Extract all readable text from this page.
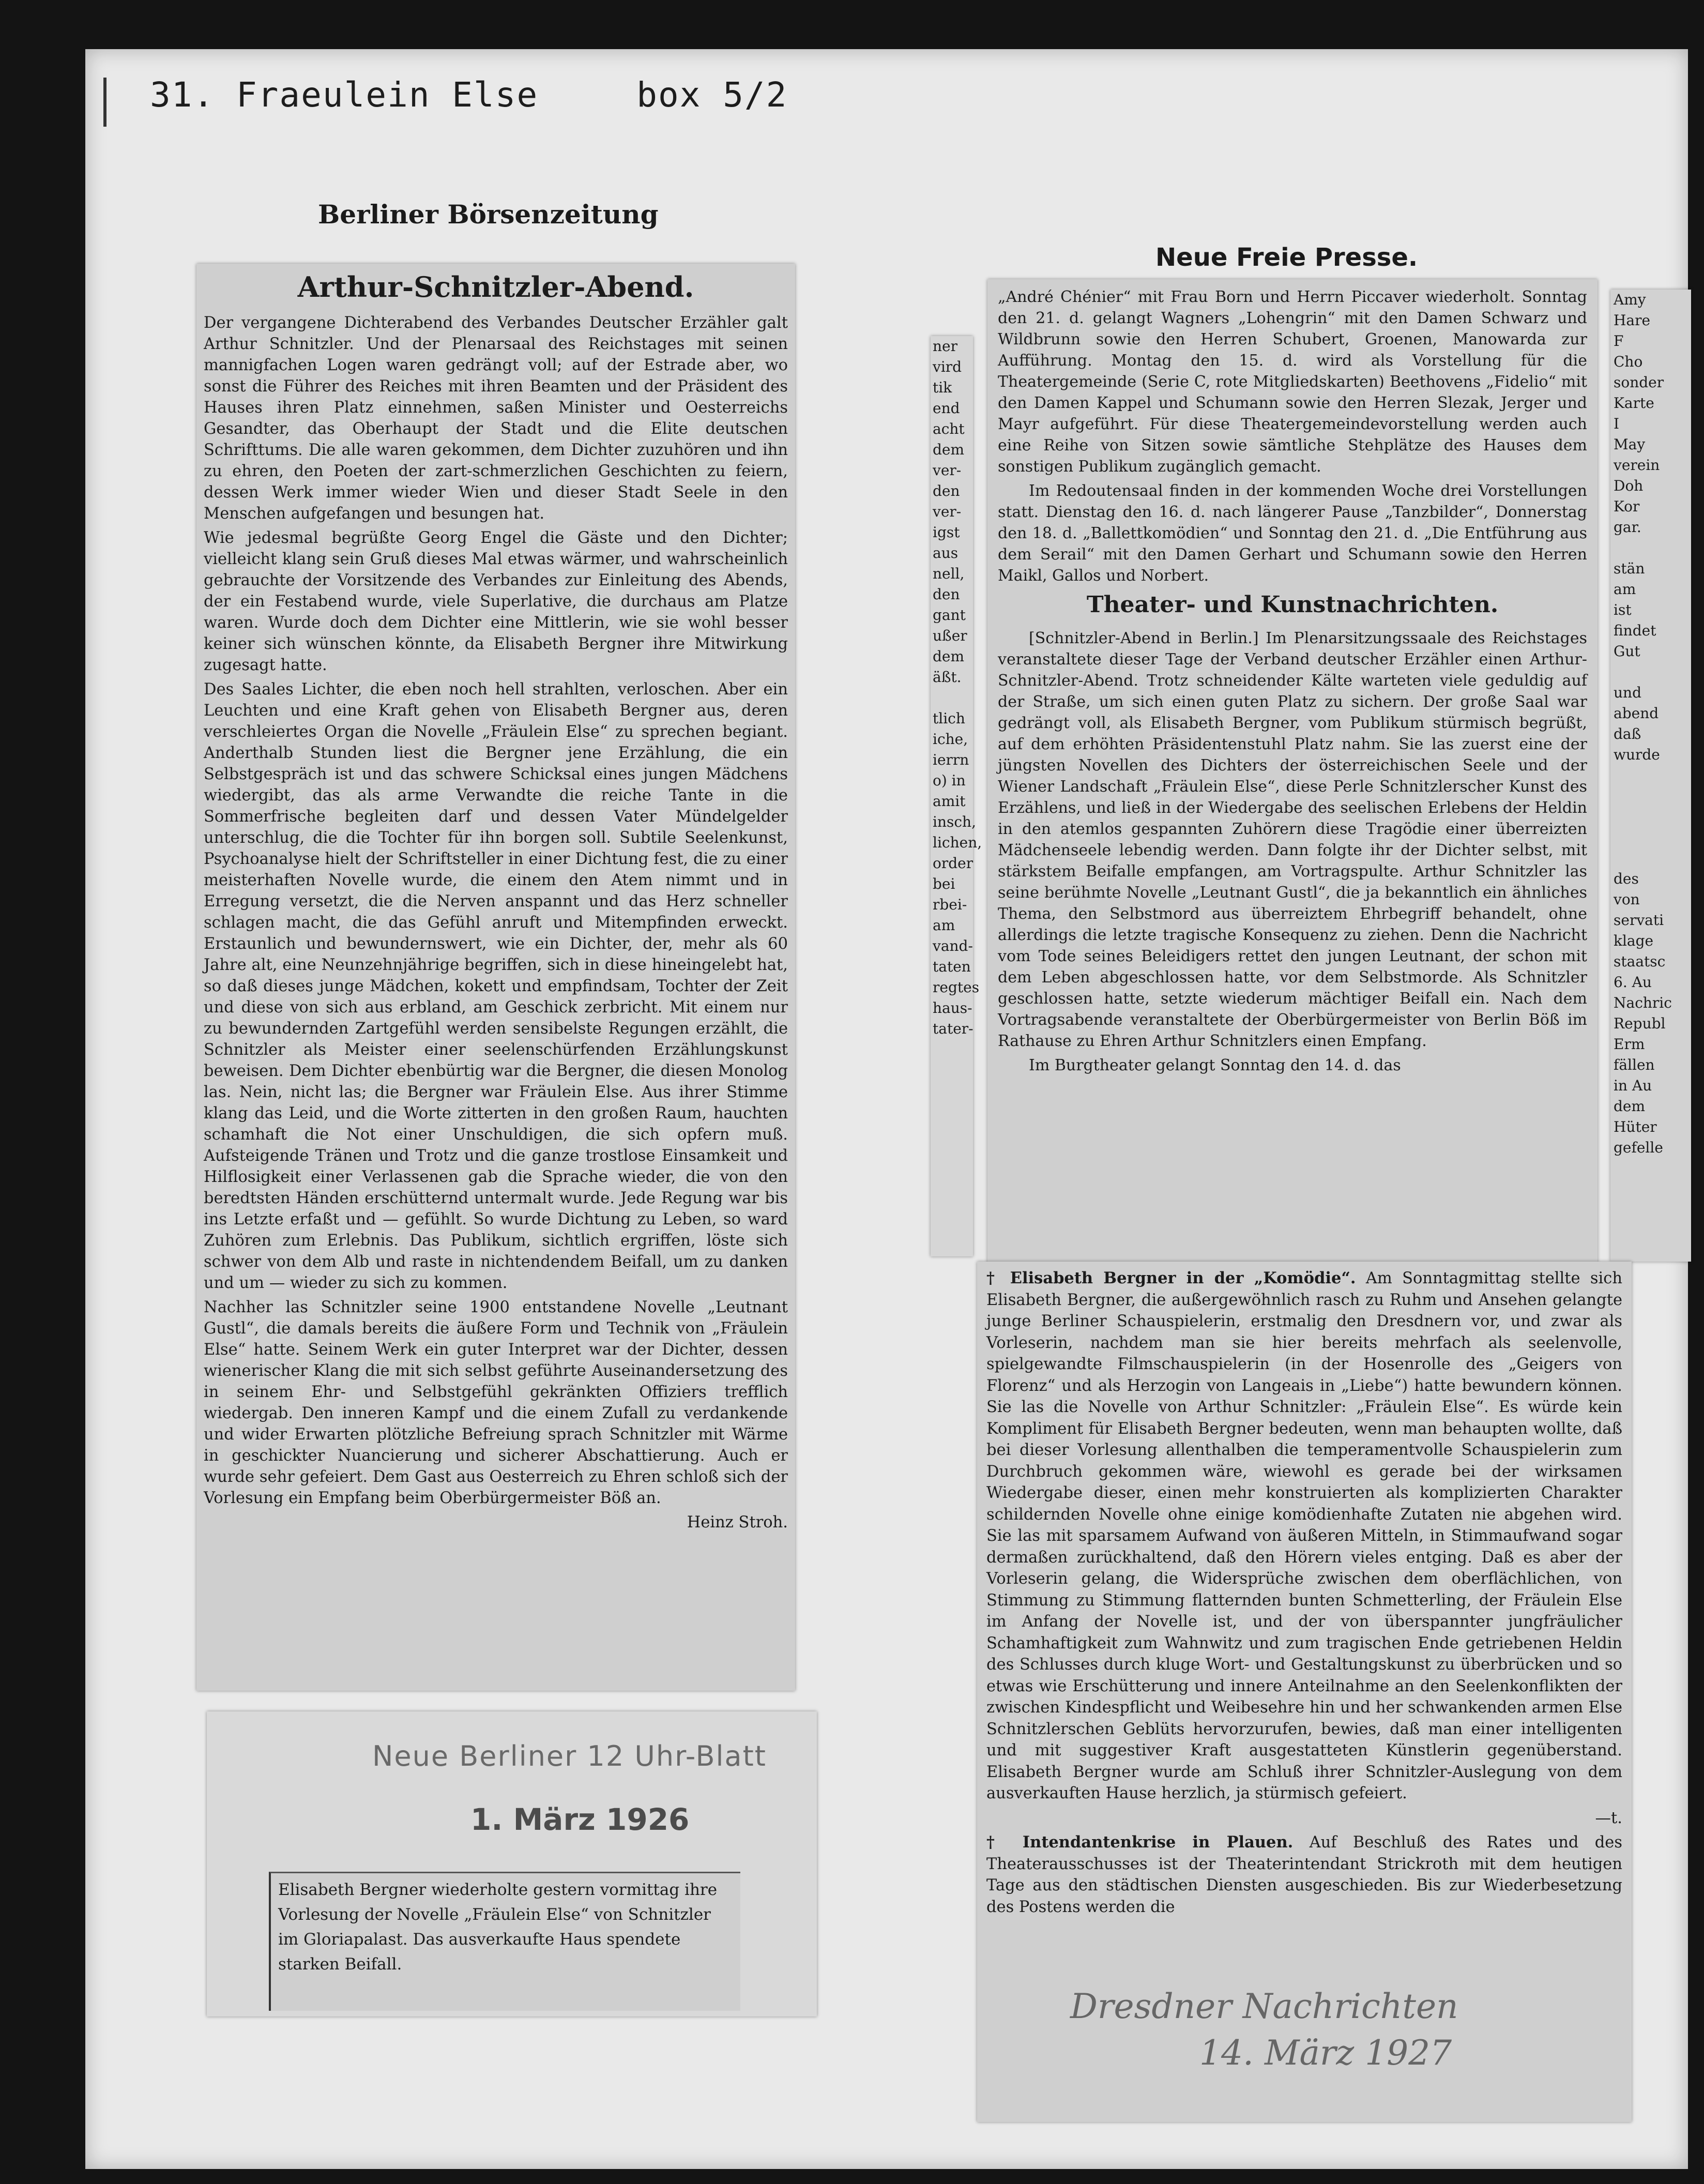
31. Fraeulein Else	box 5/2
Berliner Börsenzeitung

Arthur-Schnitzler-Abend.

Der vergangene Dichterabend des Verbandes Deutscher Erzähler galt Arthur Schnitzler. Und der Plenarsaal des Reichstages mit seinen mannigfachen Logen waren gedrängt voll; auf der Estrade aber, wo sonst die Führer des Reiches mit ihren Beamten und der Präsident des Hauses ihren Platz einnehmen, saßen Minister und Oesterreichs Gesandter, das Oberhaupt der Stadt und die Elite deutschen Schrifttums. Die alle waren gekommen, dem Dichter zuzuhören und ihn zu ehren, den Poeten der zart-schmerzlichen Geschichten zu feiern, dessen Werk immer wieder Wien und dieser Stadt Seele in den Menschen aufgefangen und besungen hat.

Wie jedesmal begrüßte Georg Engel die Gäste und den Dichter; vielleicht klang sein Gruß dieses Mal etwas wärmer, und wahrscheinlich gebrauchte der Vorsitzende des Verbandes zur Einleitung des Abends, der ein Festabend wurde, viele Superlative, die durchaus am Platze waren. Wurde doch dem Dichter eine Mittlerin, wie sie wohl besser keiner sich wünschen könnte, da Elisabeth Bergner ihre Mitwirkung zugesagt hatte.

Des Saales Lichter, die eben noch hell strahlten, verloschen. Aber ein Leuchten und eine Kraft gehen von Elisabeth Bergner aus, deren verschleiertes Organ die Novelle „Fräulein Else“ zu sprechen begiant. Anderthalb Stunden liest die Bergner jene Erzählung, die ein Selbstgespräch ist und das schwere Schicksal eines jungen Mädchens wiedergibt, das als arme Verwandte die reiche Tante in die Sommerfrische begleiten darf und dessen Vater Mündelgelder unterschlug, die die Tochter für ihn borgen soll. Subtile Seelenkunst, Psychoanalyse hielt der Schriftsteller in einer Dichtung fest, die zu einer meisterhaften Novelle wurde, die einem den Atem nimmt und in Erregung versetzt, die die Nerven anspannt und das Herz schneller schlagen macht, die das Gefühl anruft und Mitempfinden erweckt. Erstaunlich und bewundernswert, wie ein Dichter, der, mehr als 60 Jahre alt, eine Neunzehnjährige begriffen, sich in diese hineingelebt hat, so daß dieses junge Mädchen, kokett und empfindsam, Tochter der Zeit und diese von sich aus erbland, am Geschick zerbricht. Mit einem nur zu bewundernden Zartgefühl werden sensibelste Regungen erzählt, die Schnitzler als Meister einer seelenschürfenden Erzählungskunst beweisen. Dem Dichter ebenbürtig war die Bergner, die diesen Monolog las. Nein, nicht las; die Bergner war Fräulein Else. Aus ihrer Stimme klang das Leid, und die Worte zitterten in den großen Raum, hauchten schamhaft die Not einer Unschuldigen, die sich opfern muß. Aufsteigende Tränen und Trotz und die ganze trostlose Einsamkeit und Hilflosigkeit einer Verlassenen gab die Sprache wieder, die von den beredtsten Händen erschütternd untermalt wurde. Jede Regung war bis ins Letzte erfaßt und — gefühlt. So wurde Dichtung zu Leben, so ward Zuhören zum Erlebnis. Das Publikum, sichtlich ergriffen, löste sich schwer von dem Alb und raste in nichtendendem Beifall, um zu danken und um — wieder zu sich zu kommen.

Nachher las Schnitzler seine 1900 entstandene Novelle „Leutnant Gustl“, die damals bereits die äußere Form und Technik von „Fräulein Else“ hatte. Seinem Werk ein guter Interpret war der Dichter, dessen wienerischer Klang die mit sich selbst geführte Auseinandersetzung des in seinem Ehr- und Selbstgefühl gekränkten Offiziers trefflich wiedergab. Den inneren Kampf und die einem Zufall zu verdankende und wider Erwarten plötzliche Befreiung sprach Schnitzler mit Wärme in geschickter Nuancierung und sicherer Abschattierung. Auch er wurde sehr gefeiert. Dem Gast aus Oesterreich zu Ehren schloß sich der Vorlesung ein Empfang beim Oberbürgermeister Böß an.

Heinz Stroh.

Neue Berliner 12 Uhr-Blatt
1. März 1926
Elisabeth Bergner wiederholte gestern vormittag ihre Vorlesung der Novelle „Fräulein Else“ von Schnitzler im Gloriapalast. Das ausverkaufte Haus spendete starken Beifall.
Neue Freie Presse.
ner
vird
tik
end
acht
dem
ver-
den
ver-
igst
aus
nell,
den
gant
ußer
dem
äßt.

tlich
iche,
ierrn
o) in
amit
insch,
lichen,
order
bei
rbei-
am
vand-
taten
regtes
haus-
tater-

„André Chénier“ mit Frau Born und Herrn Piccaver wiederholt. Sonntag den 21. d. gelangt Wagners „Lohengrin“ mit den Damen Schwarz und Wildbrunn sowie den Herren Schubert, Groenen, Manowarda zur Aufführung. Montag den 15. d. wird als Vorstellung für die Theatergemeinde (Serie C, rote Mitgliedskarten) Beethovens „Fidelio“ mit den Damen Kappel und Schumann sowie den Herren Slezak, Jerger und Mayr aufgeführt. Für diese Theatergemeindevorstellung werden auch eine Reihe von Sitzen sowie sämtliche Stehplätze des Hauses dem sonstigen Publikum zugänglich gemacht.

Im Redoutensaal finden in der kommenden Woche drei Vorstellungen statt. Dienstag den 16. d. nach längerer Pause „Tanzbilder“, Donnerstag den 18. d. „Ballettkomödien“ und Sonntag den 21. d. „Die Entführung aus dem Serail“ mit den Damen Gerhart und Schumann sowie den Herren Maikl, Gallos und Norbert.

Theater- und Kunstnachrichten.

[Schnitzler-Abend in Berlin.] Im Plenarsitzungssaale des Reichstages veranstaltete dieser Tage der Verband deutscher Erzähler einen Arthur-Schnitzler-Abend. Trotz schneidender Kälte warteten viele geduldig auf der Straße, um sich einen guten Platz zu sichern. Der große Saal war gedrängt voll, als Elisabeth Bergner, vom Publikum stürmisch begrüßt, auf dem erhöhten Präsidentenstuhl Platz nahm. Sie las zuerst eine der jüngsten Novellen des Dichters der österreichischen Seele und der Wiener Landschaft „Fräulein Else“, diese Perle Schnitzlerscher Kunst des Erzählens, und ließ in der Wiedergabe des seelischen Erlebens der Heldin in den atemlos gespannten Zuhörern diese Tragödie einer überreizten Mädchenseele lebendig werden. Dann folgte ihr der Dichter selbst, mit stärkstem Beifalle empfangen, am Vortragspulte. Arthur Schnitzler las seine berühmte Novelle „Leutnant Gustl“, die ja bekanntlich ein ähnliches Thema, den Selbstmord aus überreiztem Ehrbegriff behandelt, ohne allerdings die letzte tragische Konsequenz zu ziehen. Denn die Nachricht vom Tode seines Beleidigers rettet den jungen Leutnant, der schon mit dem Leben abgeschlossen hatte, vor dem Selbstmorde. Als Schnitzler geschlossen hatte, setzte wiederum mächtiger Beifall ein. Nach dem Vortragsabende veranstaltete der Oberbürgermeister von Berlin Böß im Rathause zu Ehren Arthur Schnitzlers einen Empfang.

Im Burgtheater gelangt Sonntag den 14. d. das

Amy
Hare
F
Cho
sonder
Karte
I
May
verein
Doh
Kor
gar.

stän
am
ist
findet
Gut

und
abend
daß
wurde

des
von
servati
klage
staatsc
6. Au
Nachric
Republ
Erm
fällen
in Au
dem
Hüter
gefelle

† Elisabeth Bergner in der „Komödie“. Am Sonntagmittag stellte sich Elisabeth Bergner, die außergewöhnlich rasch zu Ruhm und Ansehen gelangte junge Berliner Schauspielerin, erstmalig den Dresdnern vor, und zwar als Vorleserin, nachdem man sie hier bereits mehrfach als seelenvolle, spielgewandte Filmschauspielerin (in der Hosenrolle des „Geigers von Florenz“ und als Herzogin von Langeais in „Liebe“) hatte bewundern können. Sie las die Novelle von Arthur Schnitzler: „Fräulein Else“. Es würde kein Kompliment für Elisabeth Bergner bedeuten, wenn man behaupten wollte, daß bei dieser Vorlesung allenthalben die temperamentvolle Schauspielerin zum Durchbruch gekommen wäre, wiewohl es gerade bei der wirksamen Wiedergabe dieser, einen mehr konstruierten als komplizierten Charakter schildernden Novelle ohne einige komödienhafte Zutaten nie abgehen wird. Sie las mit sparsamem Aufwand von äußeren Mitteln, in Stimmaufwand sogar dermaßen zurückhaltend, daß den Hörern vieles entging. Daß es aber der Vorleserin gelang, die Widersprüche zwischen dem oberflächlichen, von Stimmung zu Stimmung flatternden bunten Schmetterling, der Fräulein Else im Anfang der Novelle ist, und der von überspannter jungfräulicher Schamhaftigkeit zum Wahnwitz und zum tragischen Ende getriebenen Heldin des Schlusses durch kluge Wort- und Gestaltungskunst zu überbrücken und so etwas wie Erschütterung und innere Anteilnahme an den Seelenkonflikten der zwischen Kindespflicht und Weibesehre hin und her schwankenden armen Else Schnitzlerschen Geblüts hervorzurufen, bewies, daß man einer intelligenten und mit suggestiver Kraft ausgestatteten Künstlerin gegenüberstand. Elisabeth Bergner wurde am Schluß ihrer Schnitzler-Auslegung von dem ausverkauften Hause herzlich, ja stürmisch gefeiert.

—t.

† Intendantenkrise in Plauen. Auf Beschluß des Rates und des Theaterausschusses ist der Theaterintendant Strickroth mit dem heutigen Tage aus den städtischen Diensten ausgeschieden. Bis zur Wiederbesetzung des Postens werden die

Dresdner Nachrichten
14. März 1927
